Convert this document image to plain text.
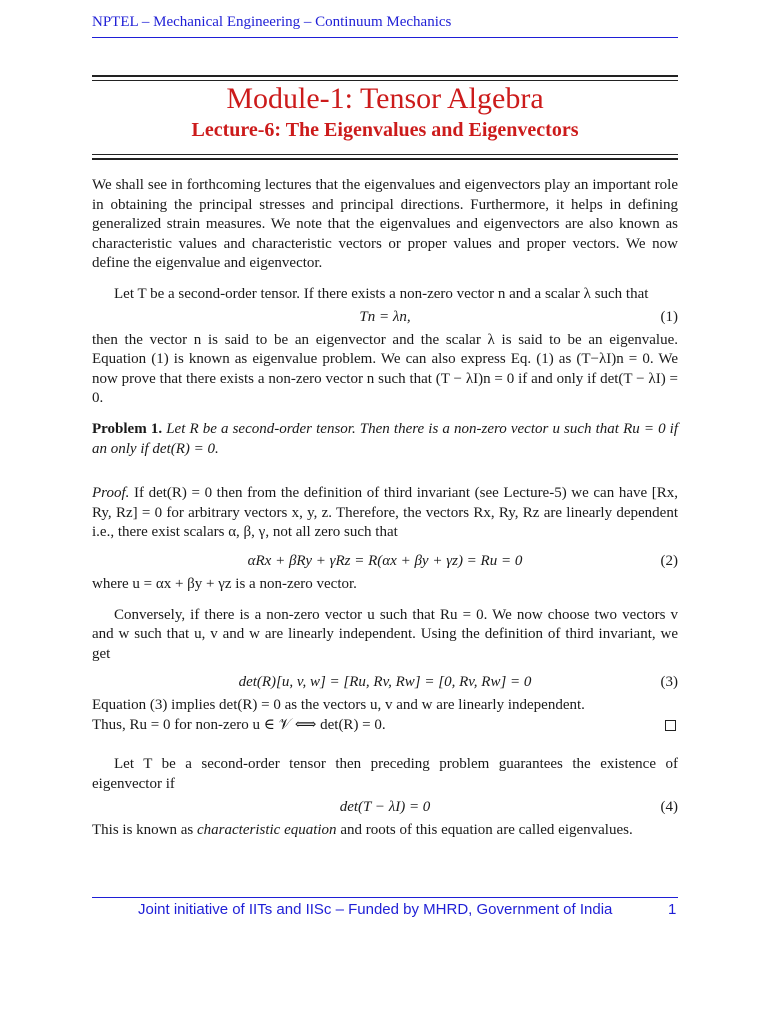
NPTEL – Mechanical Engineering – Continuum Mechanics
Module-1: Tensor Algebra
Lecture-6: The Eigenvalues and Eigenvectors

We shall see in forthcoming lectures that the eigenvalues and eigenvectors play an important role in obtaining the principal stresses and principal directions. Furthermore, it helps in defining generalized strain measures. We note that the eigenvalues and eigenvectors are also known as characteristic values and characteristic vectors or proper values and proper vectors. We now define the eigenvalue and eigenvector.

Let T be a second-order tensor. If there exists a non-zero vector n and a scalar λ such that

Tn = λn,	(1)

then the vector n is said to be an eigenvector and the scalar λ is said to be an eigenvalue. Equation (1) is known as eigenvalue problem. We can also express Eq. (1) as (T−λI)n = 0. We now prove that there exists a non-zero vector n such that (T − λI)n = 0 if and only if det(T − λI) = 0.

Problem 1. Let R be a second-order tensor. Then there is a non-zero vector u such that Ru = 0 if an only if det(R) = 0.

Proof. If det(R) = 0 then from the definition of third invariant (see Lecture-5) we can have [Rx, Ry, Rz] = 0 for arbitrary vectors x, y, z. Therefore, the vectors Rx, Ry, Rz are linearly dependent i.e., there exist scalars α, β, γ, not all zero such that

αRx + βRy + γRz = R(αx + βy + γz) = Ru = 0	(2)

where u = αx + βy + γz is a non-zero vector.

Conversely, if there is a non-zero vector u such that Ru = 0. We now choose two vectors v and w such that u, v and w are linearly independent. Using the definition of third invariant, we get

det(R)[u, v, w] = [Ru, Rv, Rw] = [0, Rv, Rw] = 0	(3)

Equation (3) implies det(R) = 0 as the vectors u, v and w are linearly independent.

Thus, Ru = 0 for non-zero u ∈ 𝒱 ⟺ det(R) = 0.

Let T be a second-order tensor then preceding problem guarantees the existence of eigenvector if

det(T − λI) = 0	(4)

This is known as characteristic equation and roots of this equation are called eigenvalues.

Joint initiative of IITs and IISc – Funded by MHRD, Government of India	1
